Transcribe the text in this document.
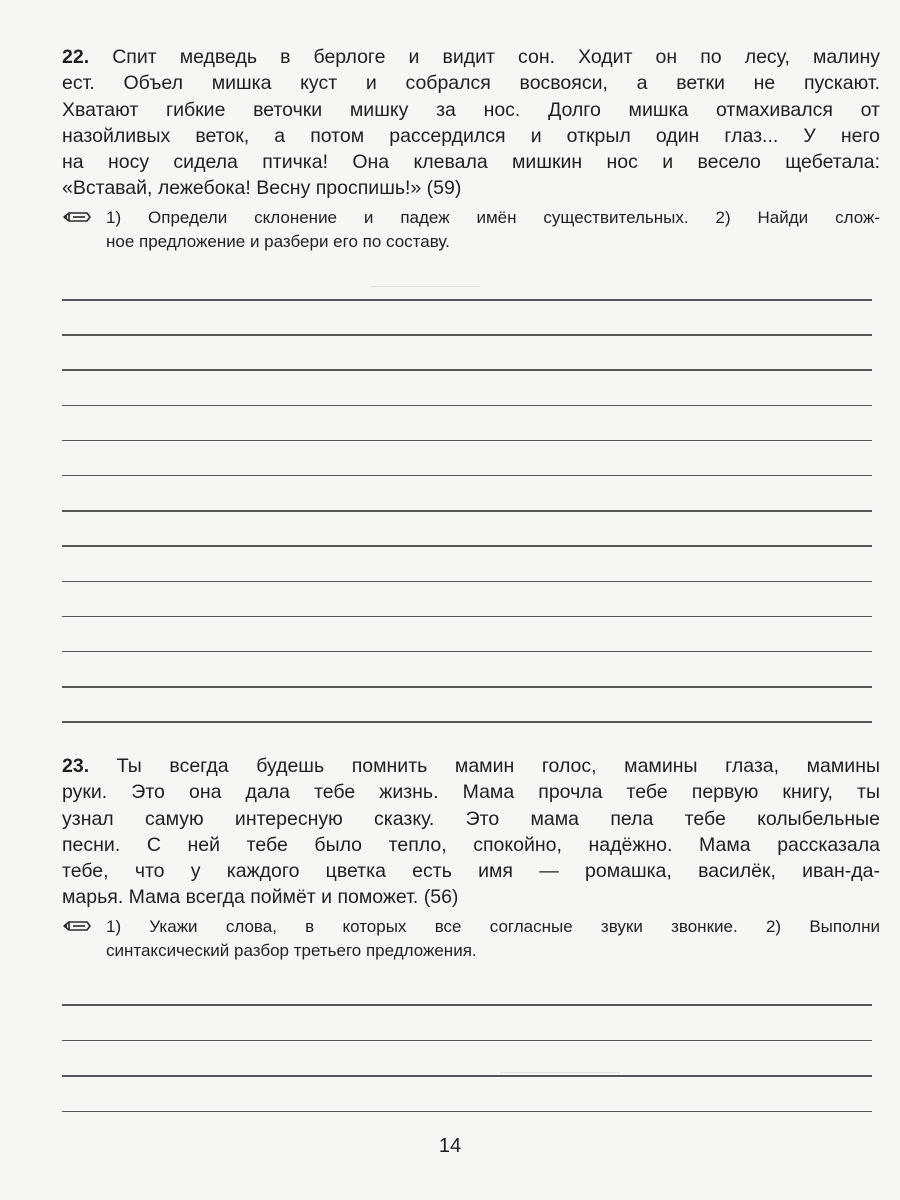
22. Спит медведь в берлоге и видит сон. Ходит он по лесу, малину
ест. Объел мишка куст и собрался восвояси, а ветки не пускают.
Хватают гибкие веточки мишку за нос. Долго мишка отмахивался от
назойливых веток, а потом рассердился и открыл один глаз... У него
на носу сидела птичка! Она клевала мишкин нос и весело щебетала:
«Вставай, лежебока! Весну проспишь!» (59)

1) Определи склонение и падеж имён существительных. 2) Найди слож-
ное предложение и разбери его по составу.

23. Ты всегда будешь помнить мамин голос, мамины глаза, мамины
руки. Это она дала тебе жизнь. Мама прочла тебе первую книгу, ты
узнал самую интересную сказку. Это мама пела тебе колыбельные
песни. С ней тебе было тепло, спокойно, надёжно. Мама рассказала
тебе, что у каждого цветка есть имя — ромашка, василёк, иван-да-
марья. Мама всегда поймёт и поможет. (56)

1) Укажи слова, в которых все согласные звуки звонкие. 2) Выполни
синтаксический разбор третьего предложения.
14
